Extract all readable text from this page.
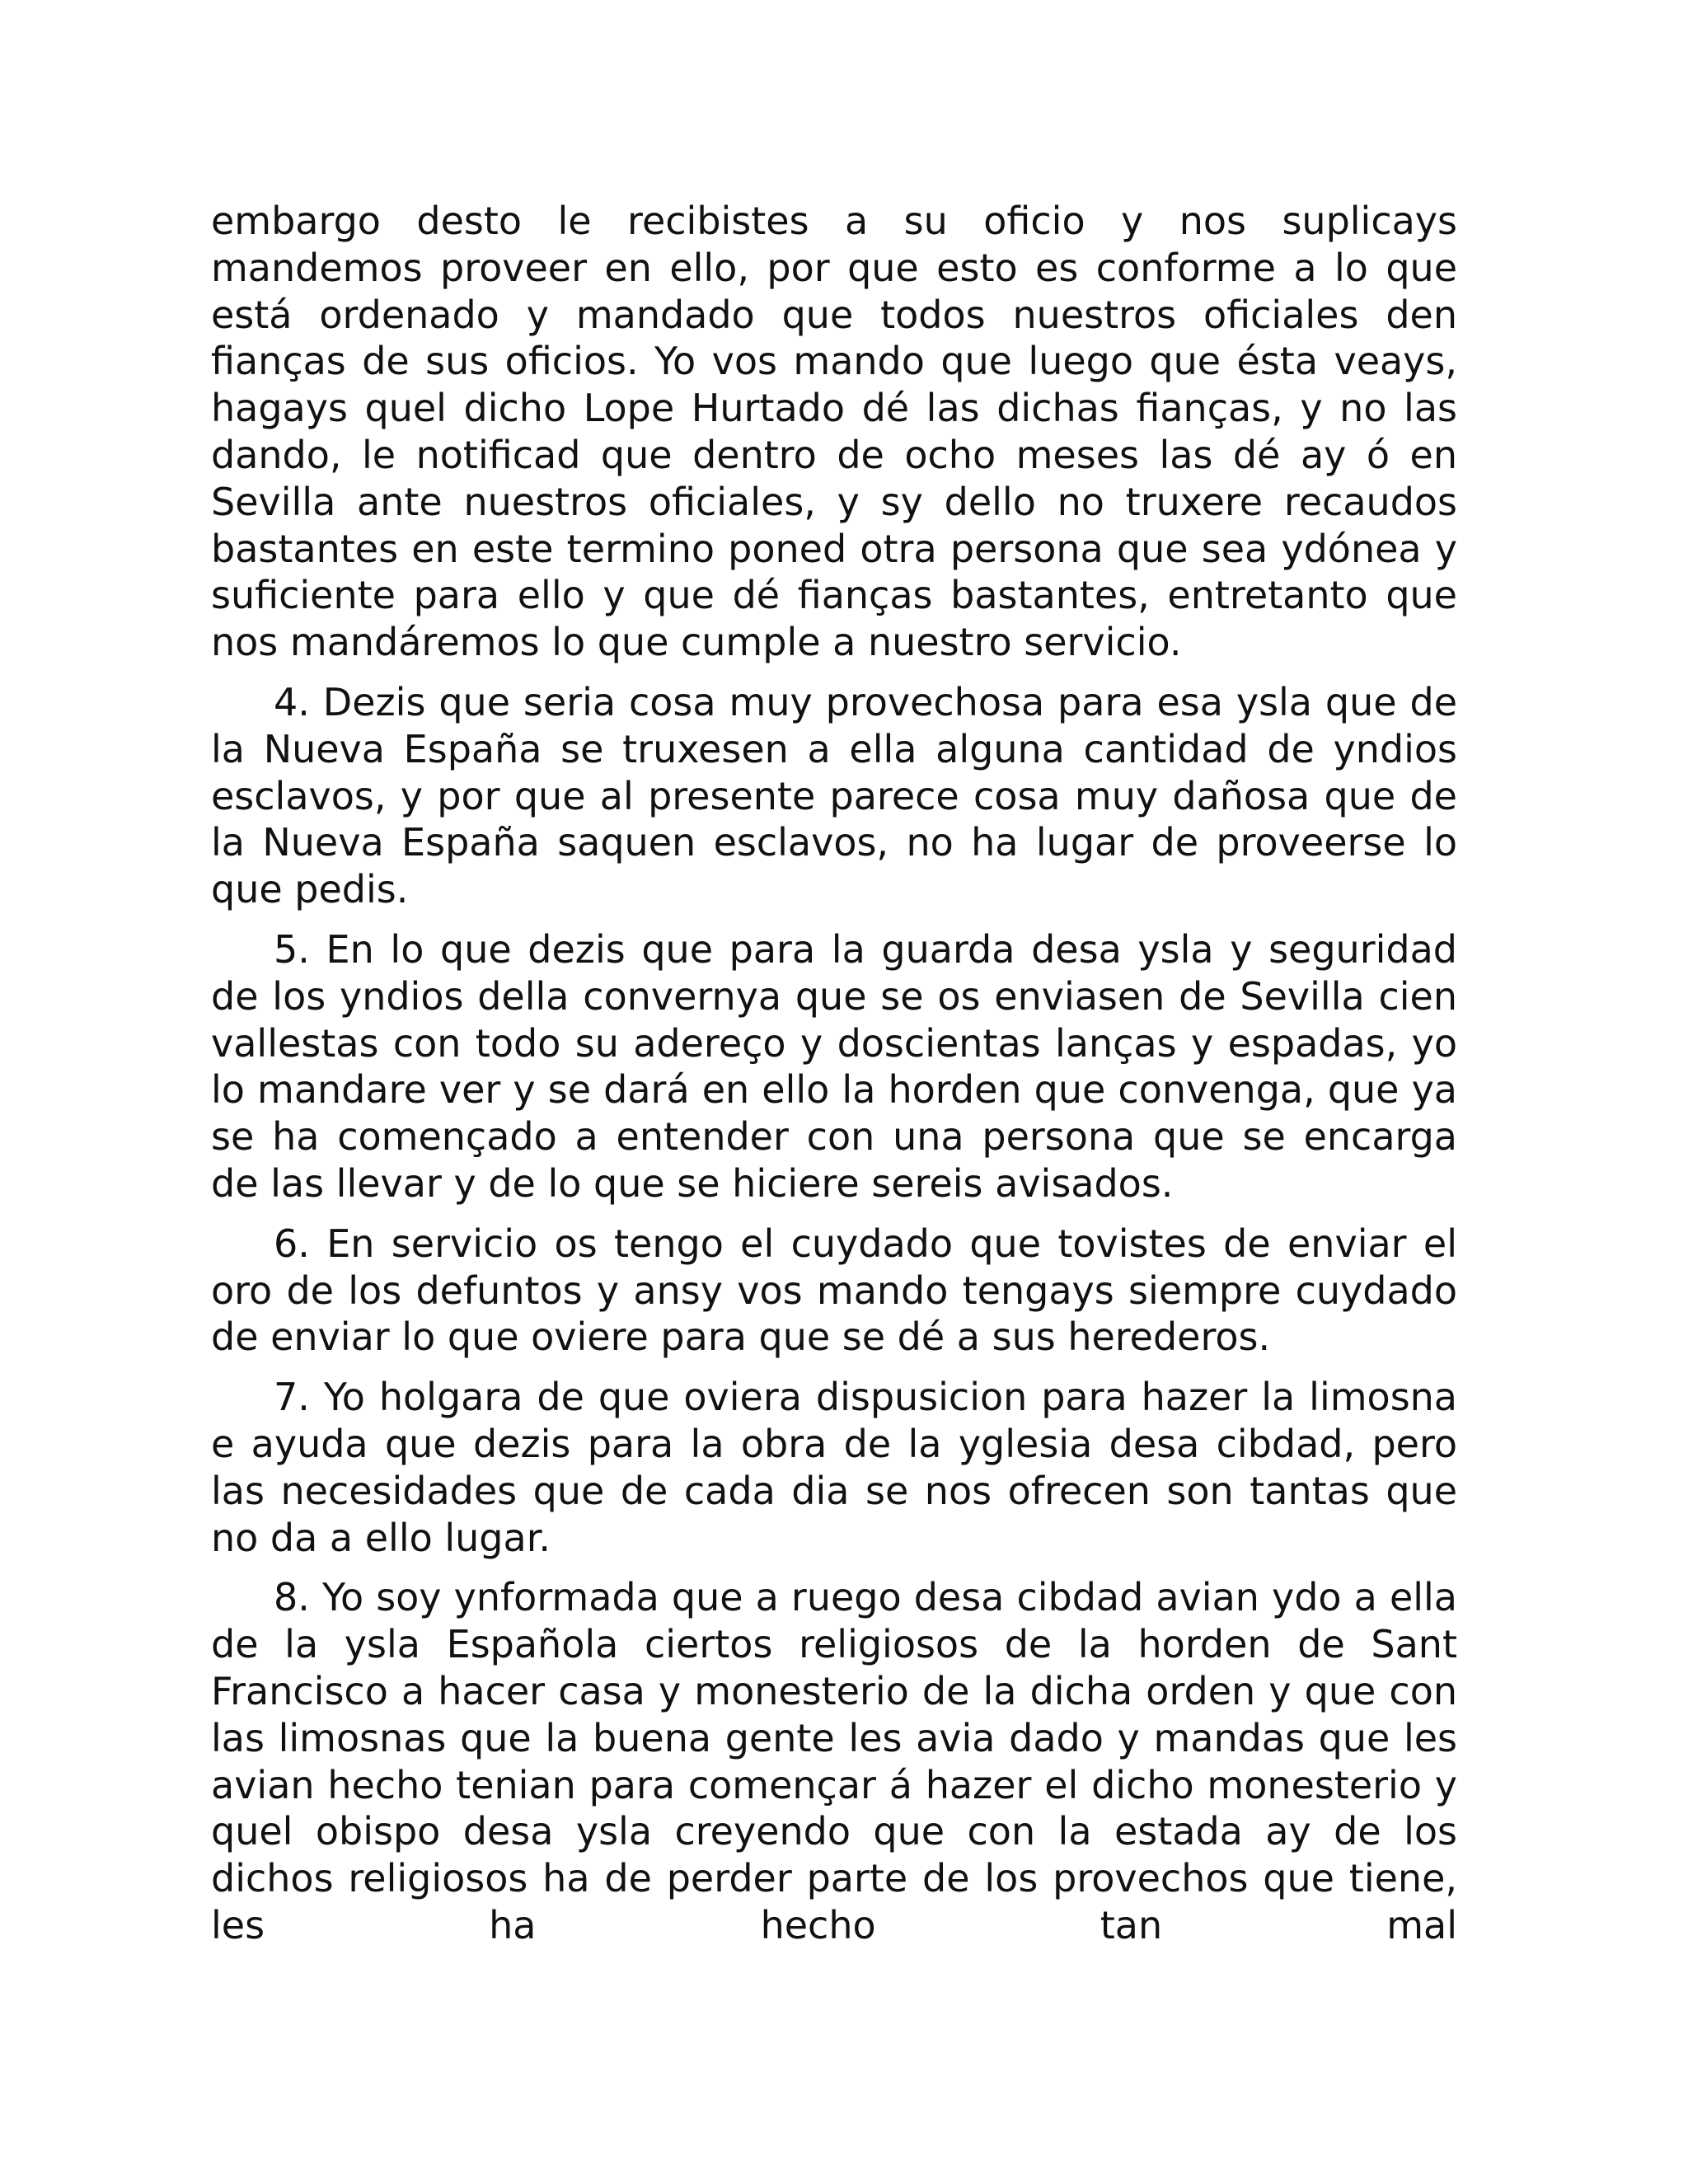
embargo desto le recibistes a su oficio y nos suplicays mandemos proveer en ello, por que esto es conforme a lo que está ordenado y mandado que todos nuestros oficiales den fianças de sus oficios. Yo vos mando que luego que ésta veays, hagays quel dicho Lope Hurtado dé las dichas fianças, y no las dando, le notificad que dentro de ocho meses las dé ay ó en Sevilla ante nuestros oficiales, y sy dello no truxere recaudos bastantes en este termino poned otra persona que sea ydónea y suficiente para ello y que dé fianças bastantes, entretanto que nos mandáremos lo que cumple a nuestro servicio.

4. Dezis que seria cosa muy provechosa para esa ysla que de la Nueva España se truxesen a ella alguna cantidad de yndios esclavos, y por que al presente parece cosa muy dañosa que de la Nueva España saquen esclavos, no ha lugar de proveerse lo que pedis.

5. En lo que dezis que para la guarda desa ysla y seguridad de los yndios della convernya que se os enviasen de Sevilla cien vallestas con todo su adereço y doscientas lanças y espadas, yo lo mandare ver y se dará en ello la horden que convenga, que ya se ha començado a entender con una persona que se encarga de las llevar y de lo que se hiciere sereis avisados.

6. En servicio os tengo el cuydado que tovistes de enviar el oro de los defuntos y ansy vos mando tengays siempre cuydado de enviar lo que oviere para que se dé a sus herederos.

7. Yo holgara de que oviera dispusicion para hazer la limosna e ayuda que dezis para la obra de la yglesia desa cibdad, pero las necesidades que de cada dia se nos ofrecen son tantas que no da a ello lugar.

8. Yo soy ynformada que a ruego desa cibdad avian ydo a ella de la ysla Española ciertos religiosos de la horden de Sant Francisco a hacer casa y monesterio de la dicha orden y que con las limosnas que la buena gente les avia dado y mandas que les avian hecho tenian para començar á hazer el dicho monesterio y quel obispo desa ysla creyendo que con la estada ay de los dichos religiosos ha de perder parte de los provechos que tiene, les ha hecho tan mal
